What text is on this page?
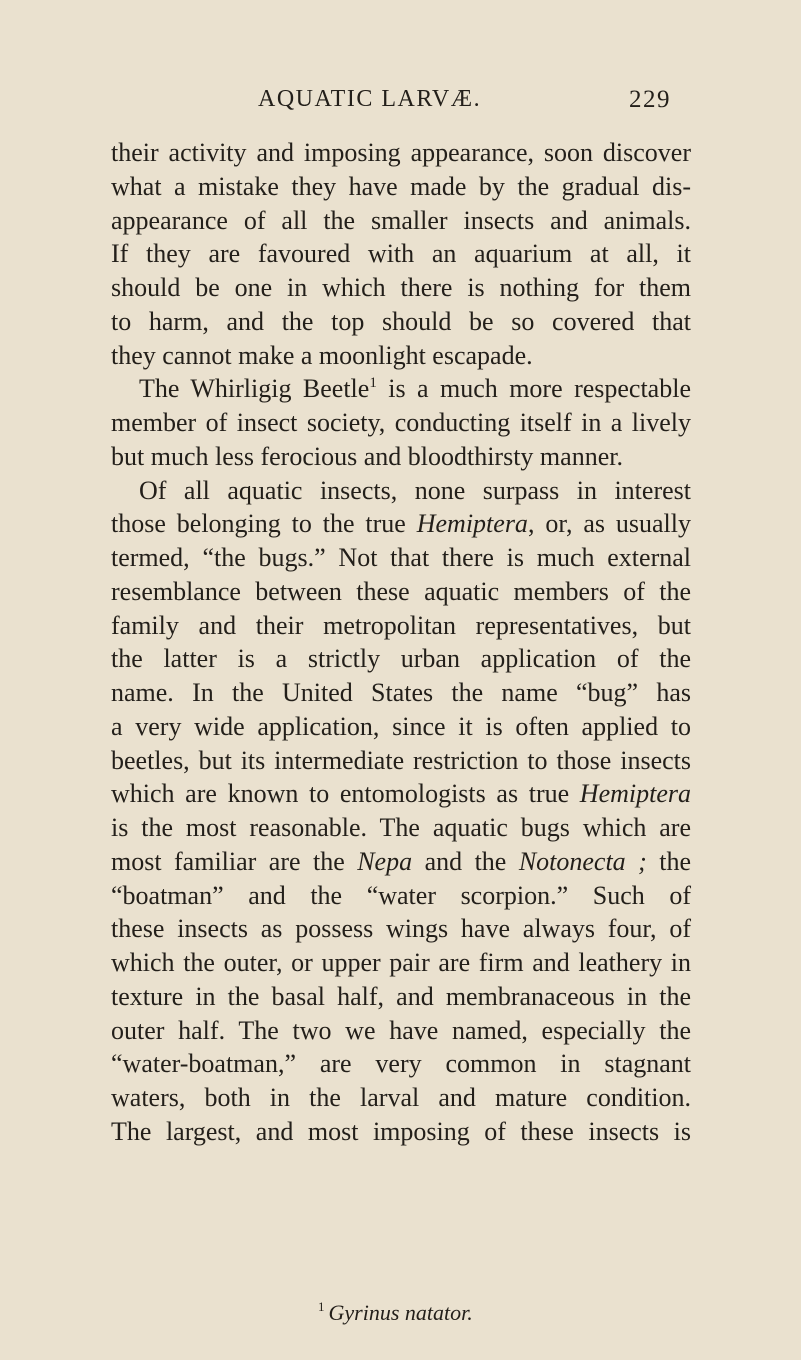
AQUATIC LARVÆ.	229
their activity and imposing appearance, soon discover
what a mistake they have made by the gradual dis-
appearance of all the smaller insects and animals.
If they are favoured with an aquarium at all, it
should be one in which there is nothing for them
to harm, and the top should be so covered that
they cannot make a moonlight escapade.
The Whirligig Beetle$^1$ is a much more respectable
member of insect society, conducting itself in a lively
but much less ferocious and bloodthirsty manner.
Of all aquatic insects, none surpass in interest
those belonging to the true Hemiptera, or, as usually
termed, “the bugs.” Not that there is much external
resemblance between these aquatic members of the
family and their metropolitan representatives, but
the latter is a strictly urban application of the
name. In the United States the name “bug” has
a very wide application, since it is often applied to
beetles, but its intermediate restriction to those insects
which are known to entomologists as true Hemiptera
is the most reasonable. The aquatic bugs which are
most familiar are the Nepa and the Notonecta ; the
“boatman” and the “water scorpion.” Such of
these insects as possess wings have always four, of
which the outer, or upper pair are firm and leathery in
texture in the basal half, and membranaceous in the
outer half. The two we have named, especially the
“water-boatman,” are very common in stagnant
waters, both in the larval and mature condition.
The largest, and most imposing of these insects is
$^1$ Gyrinus natator.
